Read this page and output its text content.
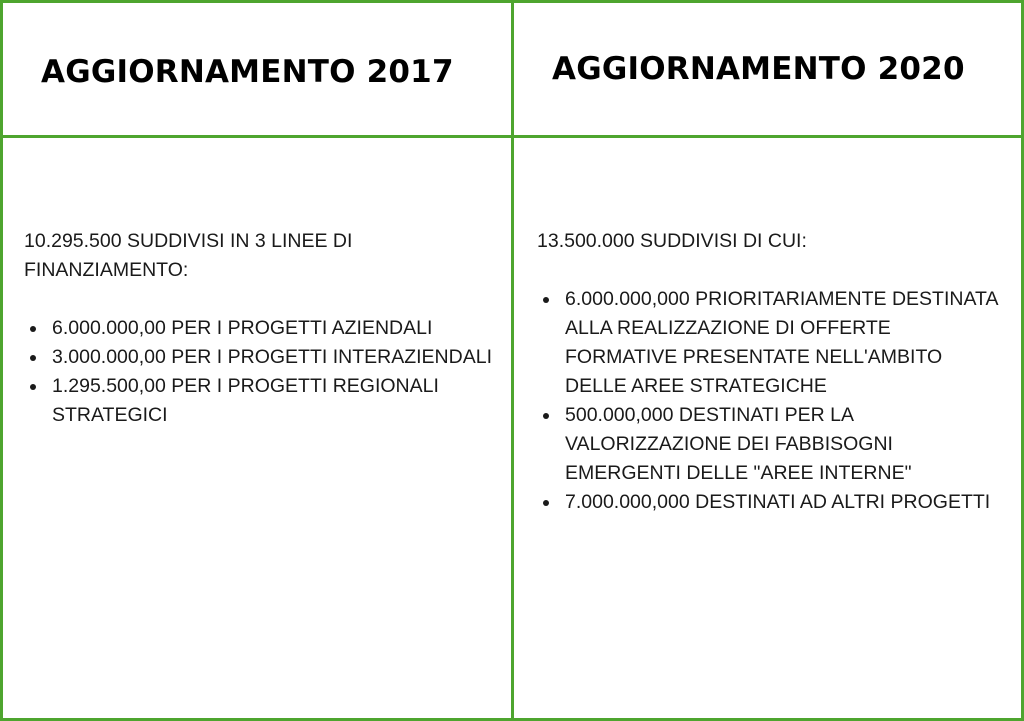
AGGIORNAMENTO 2017	AGGIORNAMENTO 2020

10.295.500 SUDDIVISI IN 3 LINEE DI FINANZIAMENTO:

6.000.000,00 PER I PROGETTI AZIENDALI
3.000.000,00 PER I PROGETTI INTERAZIENDALI
1.295.500,00 PER I PROGETTI REGIONALI STRATEGICI

13.500.000 SUDDIVISI DI CUI:

6.000.000,000 PRIORITARIAMENTE DESTINATA ALLA REALIZZAZIONE DI OFFERTE FORMATIVE PRESENTATE NELL'AMBITO DELLE AREE STRATEGICHE
500.000,000 DESTINATI PER LA VALORIZZAZIONE DEI FABBISOGNI EMERGENTI DELLE "AREE INTERNE"
7.000.000,000 DESTINATI AD ALTRI PROGETTI
